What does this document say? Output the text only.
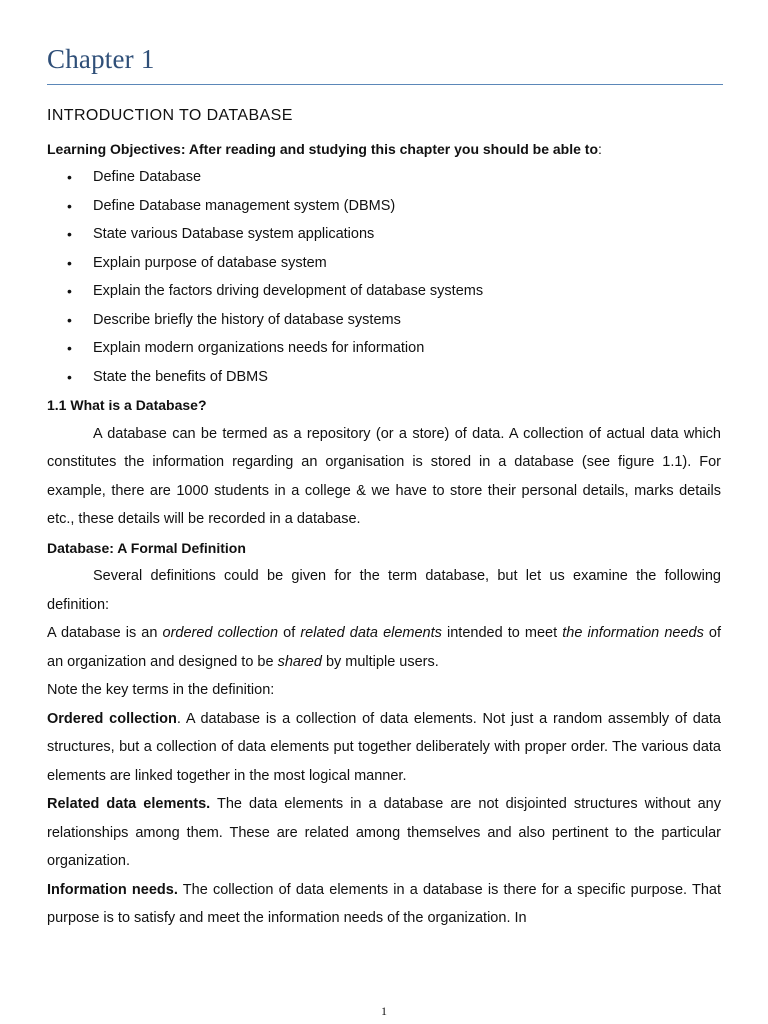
Chapter 1
INTRODUCTION TO DATABASE

Learning Objectives: After reading and studying this chapter you should be able to:

• Define Database
• Define Database management system (DBMS)
• State various Database system applications
• Explain purpose of database system
• Explain the factors driving development of database systems
• Describe briefly the history of database systems
• Explain modern organizations needs for information
• State the benefits of DBMS
1.1 What is a Database?

A database can be termed as a repository (or a store) of data. A collection of actual data which constitutes the information regarding an organisation is stored in a database (see figure 1.1). For example, there are 1000 students in a college & we have to store their personal details, marks details etc., these details will be recorded in a database.

Database: A Formal Definition

Several definitions could be given for the term database, but let us examine the following definition:

A database is an ordered collection of related data elements intended to meet the information needs of an organization and designed to be shared by multiple users.

Note the key terms in the definition:

Ordered collection. A database is a collection of data elements. Not just a random assembly of data structures, but a collection of data elements put together deliberately with proper order. The various data elements are linked together in the most logical manner.

Related data elements. The data elements in a database are not disjointed structures without any relationships among them. These are related among themselves and also pertinent to the particular organization.

Information needs. The collection of data elements in a database is there for a specific purpose. That purpose is to satisfy and meet the information needs of the organization. In

1
